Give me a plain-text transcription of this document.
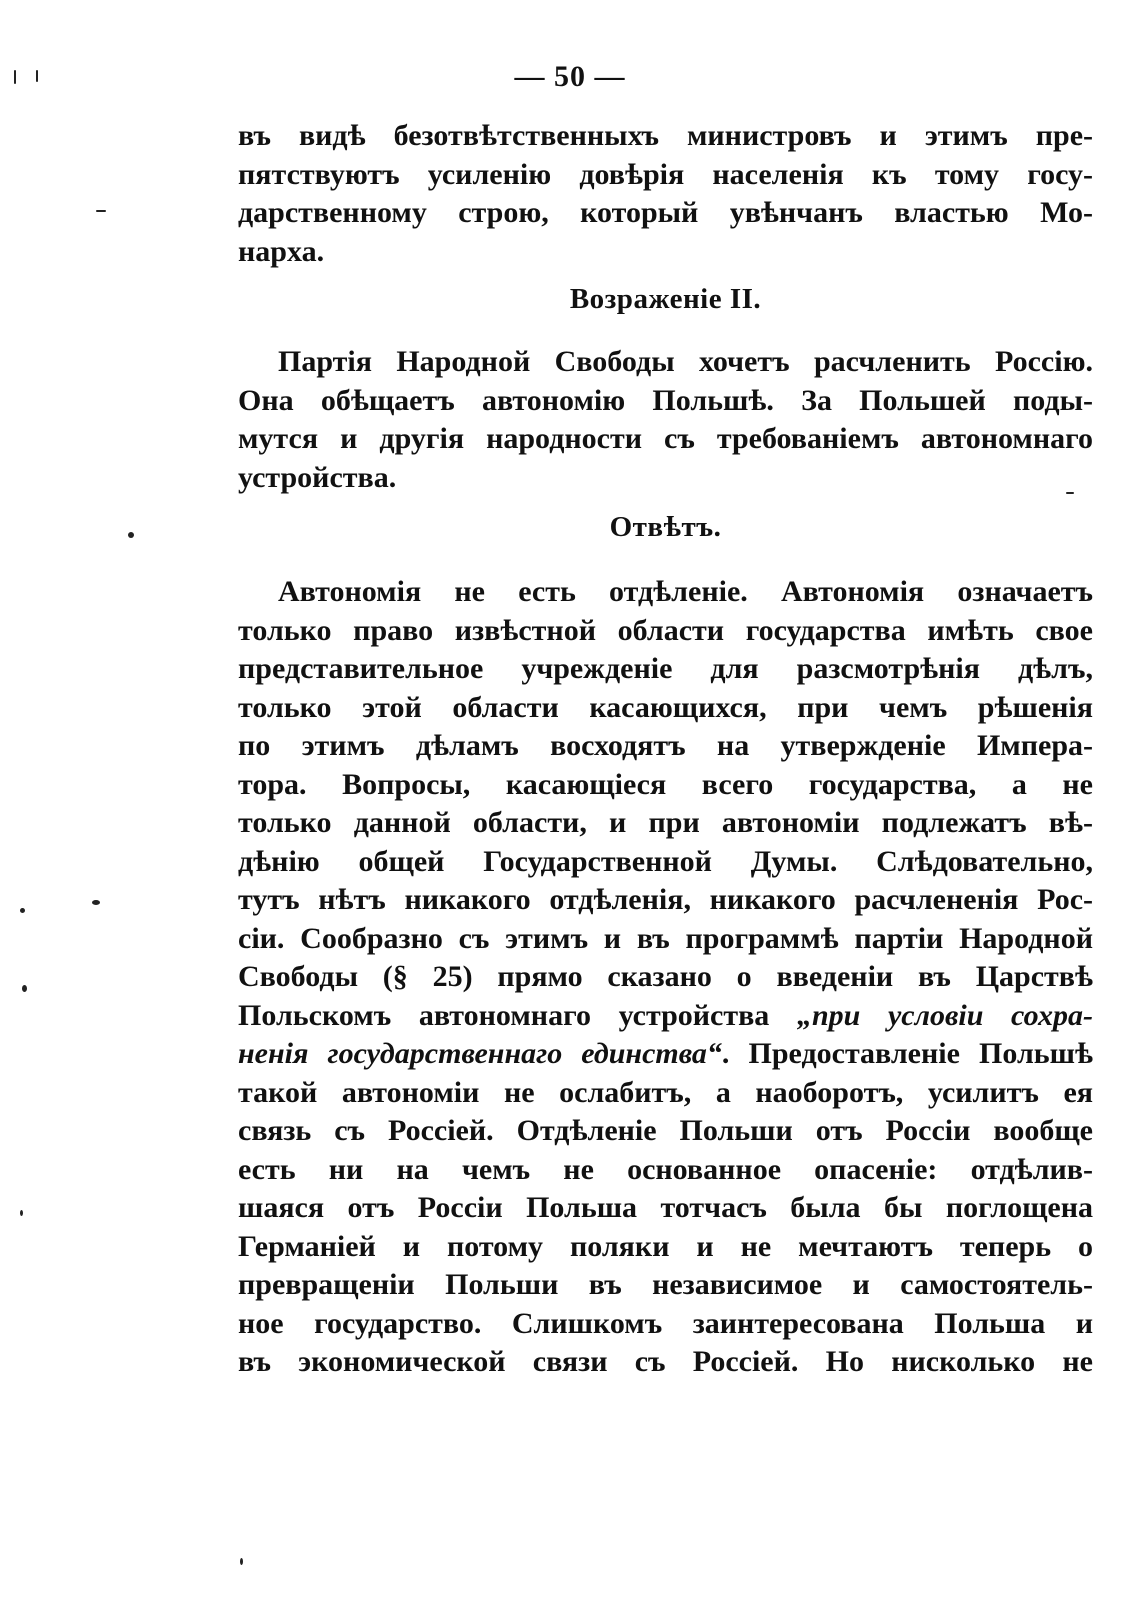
— 50 —
въ видѣ безотвѣтственныхъ министровъ и этимъ пре-
пятствуютъ усиленію довѣрія населенія къ тому госу-
дарственному строю, который увѣнчанъ властью Мо-
нарха.
Возраженіе II.
Партія Народной Свободы хочетъ расчленить Россію.
Она обѣщаетъ автономію Польшѣ. За Польшей поды-
мутся и другія народности съ требованіемъ автономнаго
устройства.
Отвѣтъ.
Автономія не есть отдѣленіе. Автономія означаетъ
только право извѣстной области государства имѣть свое
представительное учрежденіе для разсмотрѣнія дѣлъ,
только этой области касающихся, при чемъ рѣшенія
по этимъ дѣламъ восходятъ на утвержденіе Импера-
тора. Вопросы, касающіеся всего государства, а не
только данной области, и при автономіи подлежатъ вѣ-
дѣнію общей Государственной Думы. Слѣдовательно,
тутъ нѣтъ никакого отдѣленія, никакого расчлененія Рос-
сіи. Сообразно съ этимъ и въ программѣ партіи Народной
Свободы (§ 25) прямо сказано о введеніи въ Царствѣ
Польскомъ автономнаго устройства „при условіи сохра-
ненія государственнаго единства“. Предоставленіе Польшѣ
такой автономіи не ослабитъ, а наоборотъ, усилитъ ея
связь съ Россіей. Отдѣленіе Польши отъ Россіи вообще
есть ни на чемъ не основанное опасеніе: отдѣлив-
шаяся отъ Россіи Польша тотчасъ была бы поглощена
Германіей и потому поляки и не мечтаютъ теперь о
превращеніи Польши въ независимое и самостоятель-
ное государство. Слишкомъ заинтересована Польша и
въ экономической связи съ Россіей. Но нисколько не
